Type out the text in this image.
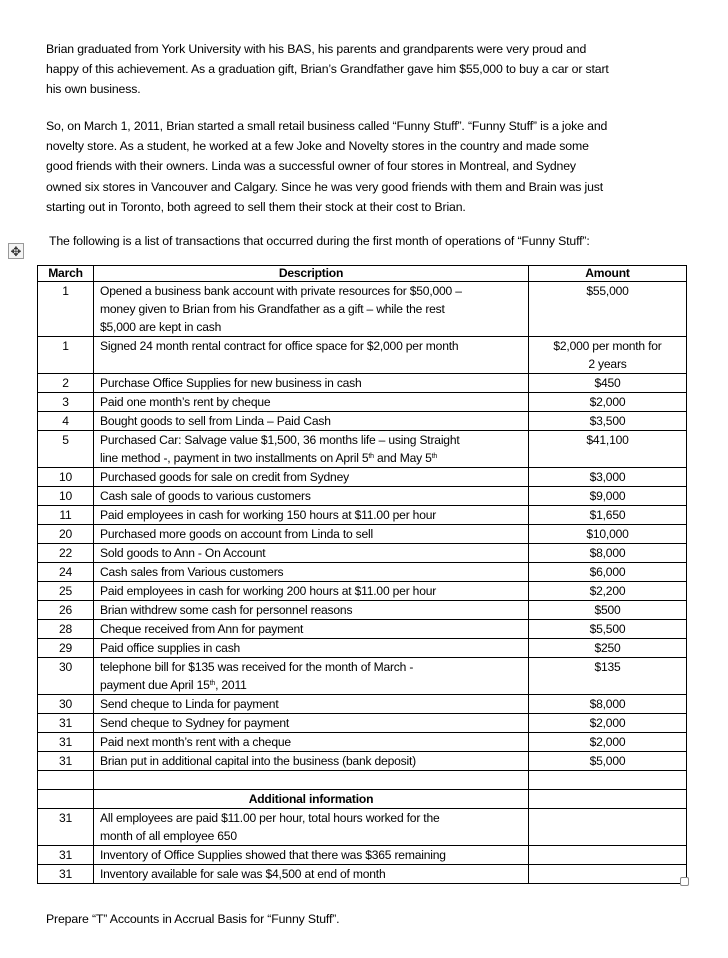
Brian graduated from York University with his BAS, his parents and grandparents were very proud and
happy of this achievement. As a graduation gift, Brian’s Grandfather gave him $55,000 to buy a car or start
his own business.
So, on March 1, 2011, Brian started a small retail business called “Funny Stuff”. “Funny Stuff” is a joke and
novelty store. As a student, he worked at a few Joke and Novelty stores in the country and made some
good friends with their owners. Linda was a successful owner of four stores in Montreal, and Sydney
owned six stores in Vancouver and Calgary. Since he was very good friends with them and Brain was just
starting out in Toronto, both agreed to sell them their stock at their cost to Brian.
✥
The following is a list of transactions that occurred during the first month of operations of “Funny Stuff”:
March	Description	Amount
1	Opened a business bank account with private resources for $50,000 –
money given to Brian from his Grandfather as a gift – while the rest
$5,000 are kept in cash	$55,000

1	Signed 24 month rental contract for office space for $2,000 per month	$2,000 per month for
2 years

2	Purchase Office Supplies for new business in cash	$450

3	Paid one month’s rent by cheque	$2,000

4	Bought goods to sell from Linda – Paid Cash	$3,500

5	Purchased Car: Salvage value $1,500, 36 months life – using Straight
line method -, payment in two installments on April 5th and May 5th	$41,100

10	Purchased goods for sale on credit from Sydney	$3,000

10	Cash sale of goods to various customers	$9,000

11	Paid employees in cash for working 150 hours at $11.00 per hour	$1,650

20	Purchased more goods on account from Linda to sell	$10,000

22	Sold goods to Ann - On Account	$8,000

24	Cash sales from Various customers	$6,000

25	Paid employees in cash for working 200 hours at $11.00 per hour	$2,200

26	Brian withdrew some cash for personnel reasons	$500

28	Cheque received from Ann for payment	$5,500

29	Paid office supplies in cash	$250

30	telephone bill for $135 was received for the month of March -
payment due April 15th, 2011	$135

30	Send cheque to Linda for payment	$8,000

31	Send cheque to Sydney for payment	$2,000

31	Paid next month’s rent with a cheque	$2,000

31	Brian put in additional capital into the business (bank deposit)	$5,000

	Additional information	
31	All employees are paid $11.00 per hour, total hours worked for the
month of all employee 650	

31	Inventory of Office Supplies showed that there was $365 remaining	

31	Inventory available for sale was $4,500 at end of month	

Prepare “T” Accounts in Accrual Basis for “Funny Stuff”.
